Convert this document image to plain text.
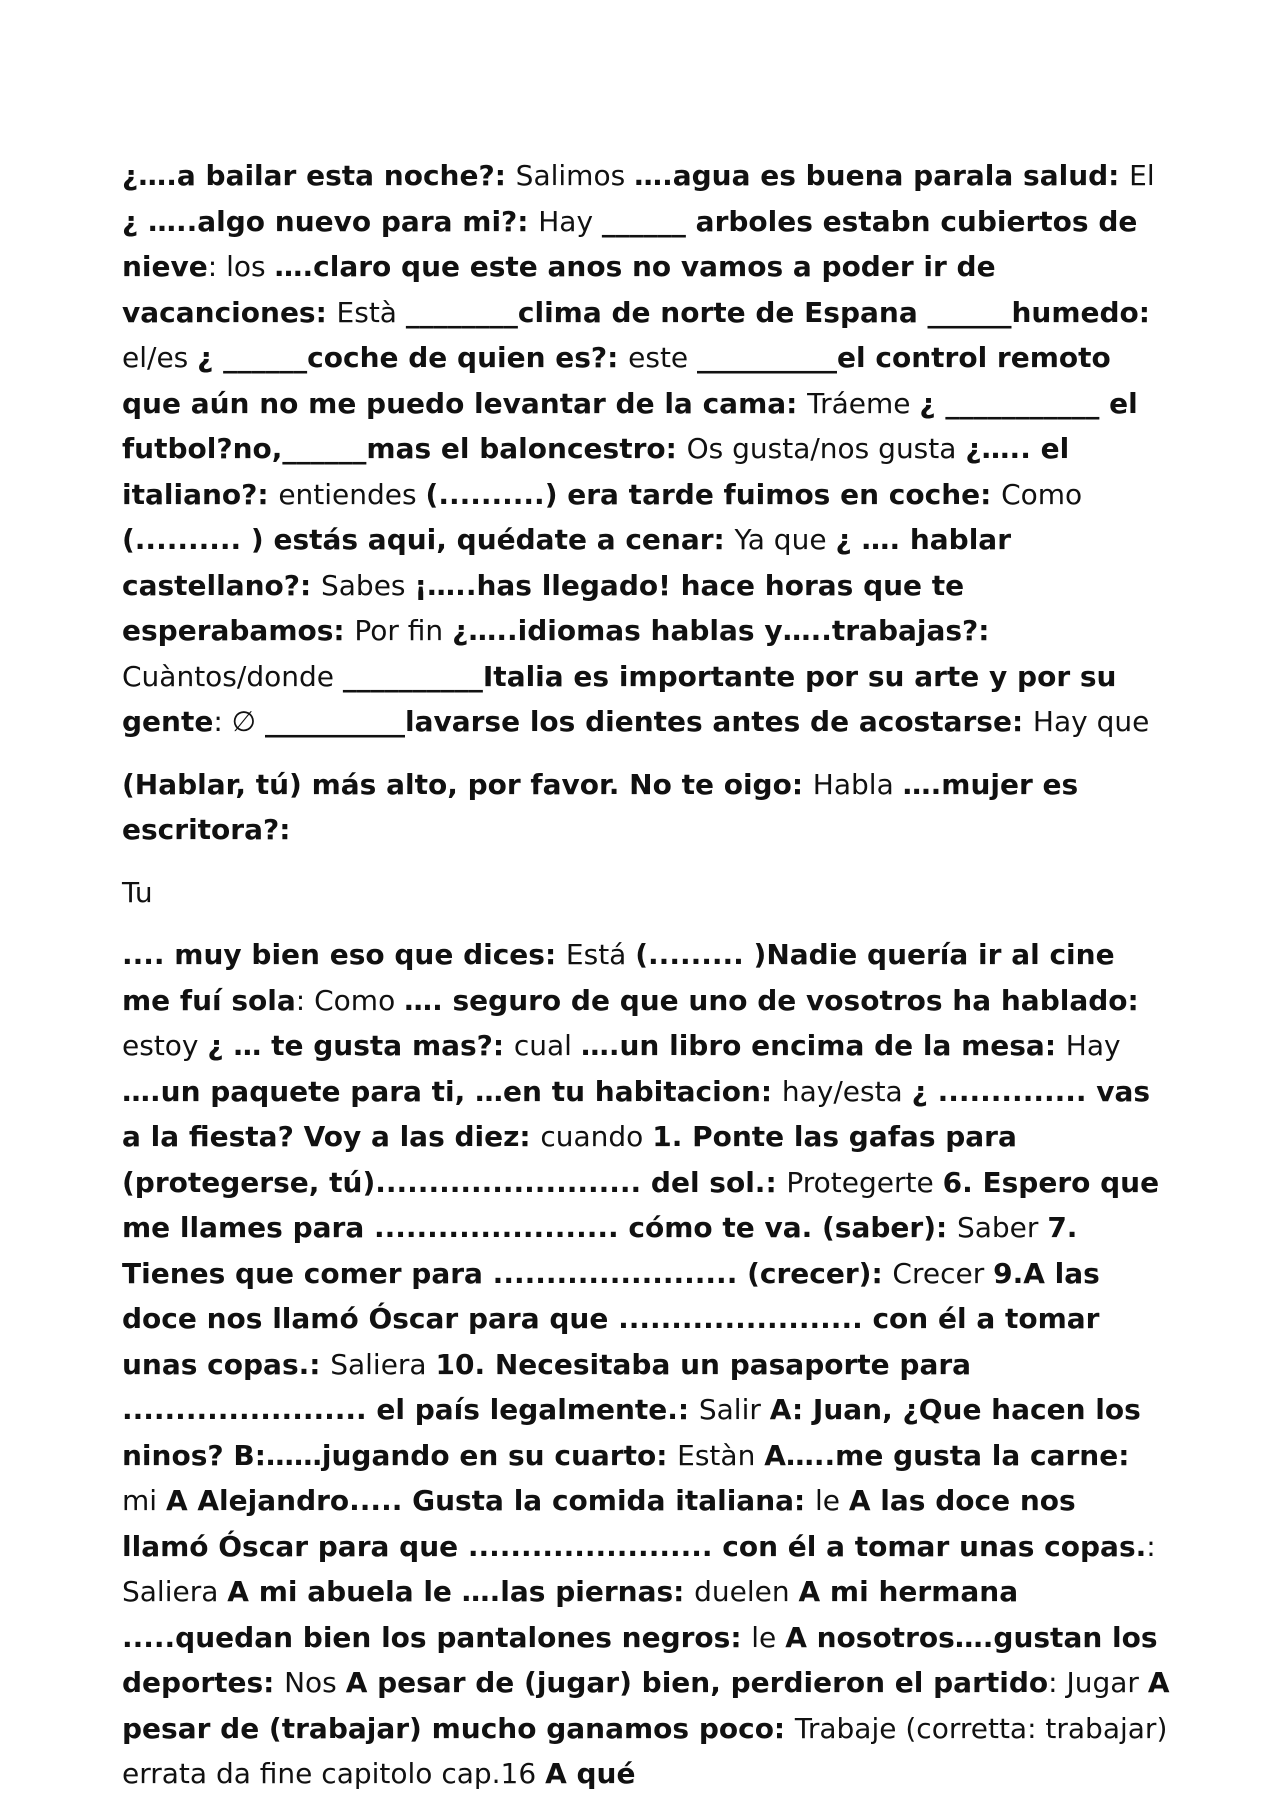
¿….a bailar esta noche?: Salimos ….agua es buena parala salud: El ¿ …..algo nuevo para mi?: Hay ______ arboles estabn cubiertos de nieve: los ….claro que este anos no vamos a poder ir de vacanciones: Està ________clima de norte de Espana ______humedo: el/es ¿ ______coche de quien es?: este __________el control remoto que aún no me puedo levantar de la cama: Tráeme ¿ ___________ el futbol?no,______mas el baloncestro: Os gusta/nos gusta ¿….. el italiano?: entiendes (..........) era tarde fuimos en coche: Como (.......... ) estás aqui, quédate a cenar: Ya que ¿ …. hablar castellano?: Sabes ¡…..has llegado! hace horas que te esperabamos: Por fin ¿…..idiomas hablas y…..trabajas?: Cuàntos/donde __________Italia es importante por su arte y por su gente: ∅ __________lavarse los dientes antes de acostarse: Hay que

(Hablar, tú) más alto, por favor. No te oigo: Habla ….mujer es escritora?:

Tu

.... muy bien eso que dices: Está (......... )Nadie quería ir al cine me fuí sola: Como …. seguro de que uno de vosotros ha hablado: estoy ¿ … te gusta mas?: cual ….un libro encima de la mesa: Hay ….un paquete para ti, …en tu habitacion: hay/esta ¿ .............. vas a la fiesta? Voy a las diez: cuando 1. Ponte las gafas para (protegerse, tú)......................... del sol.: Protegerte 6. Espero que me llames para ....................... cómo te va. (saber): Saber 7. Tienes que comer para ....................... (crecer): Crecer 9.A las doce nos llamó Óscar para que ....................... con él a tomar unas copas.: Saliera 10. Necesitaba un pasaporte para ....................... el país legalmente.: Salir A: Juan, ¿Que hacen los ninos? B:……jugando en su cuarto: Estàn A…..me gusta la carne: mi A Alejandro..... Gusta la comida italiana: le A las doce nos llamó Óscar para que ....................... con él a tomar unas copas.: Saliera A mi abuela le ….las piernas: duelen A mi hermana .....quedan bien los pantalones negros: le A nosotros….gustan los deportes: Nos A pesar de (jugar) bien, perdieron el partido: Jugar A pesar de (trabajar) mucho ganamos poco: Trabaje (corretta: trabajar) errata da fine capitolo cap.16 A qué
